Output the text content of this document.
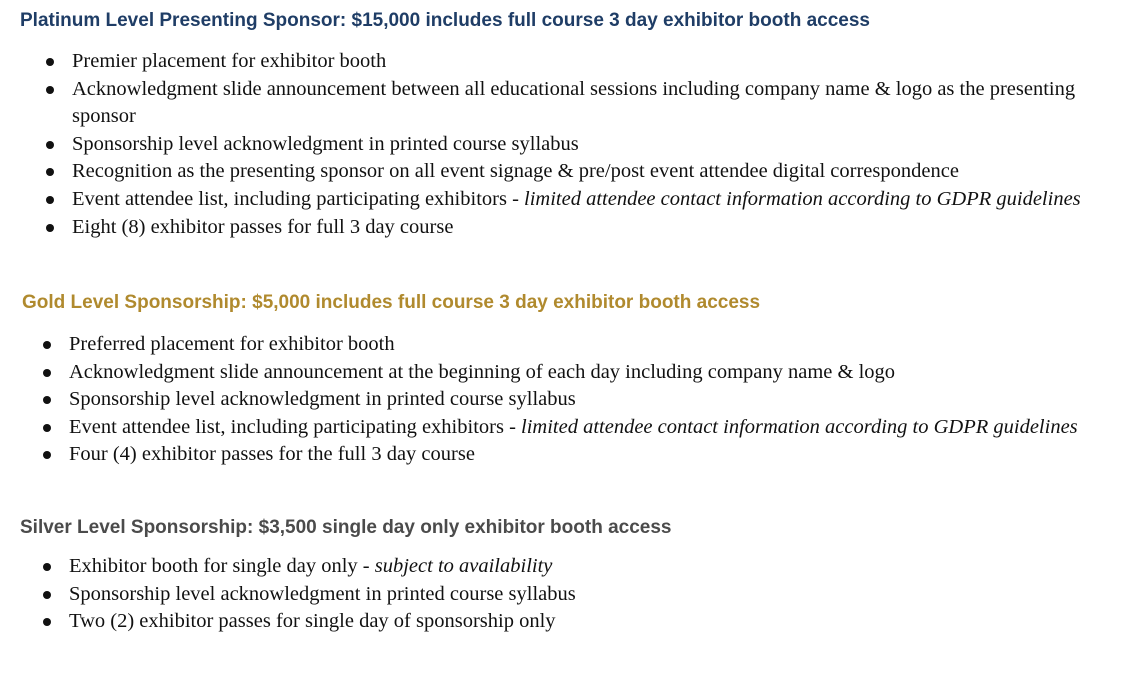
Platinum Level Presenting Sponsor: $15,000 includes full course 3 day exhibitor booth access
Premier placement for exhibitor booth
Acknowledgment slide announcement between all educational sessions including company name & logo as the presenting sponsor
Sponsorship level acknowledgment in printed course syllabus
Recognition as the presenting sponsor on all event signage & pre/post event attendee digital correspondence
Event attendee list, including participating exhibitors - limited attendee contact information according to GDPR guidelines
Eight (8) exhibitor passes for full 3 day course
Gold Level Sponsorship: $5,000 includes full course 3 day exhibitor booth access
Preferred placement for exhibitor booth
Acknowledgment slide announcement at the beginning of each day including company name & logo
Sponsorship level acknowledgment in printed course syllabus
Event attendee list, including participating exhibitors - limited attendee contact information according to GDPR guidelines
Four (4) exhibitor passes for the full 3 day course
Silver Level Sponsorship: $3,500 single day only exhibitor booth access
Exhibitor booth for single day only - subject to availability
Sponsorship level acknowledgment in printed course syllabus
Two (2) exhibitor passes for single day of sponsorship only
